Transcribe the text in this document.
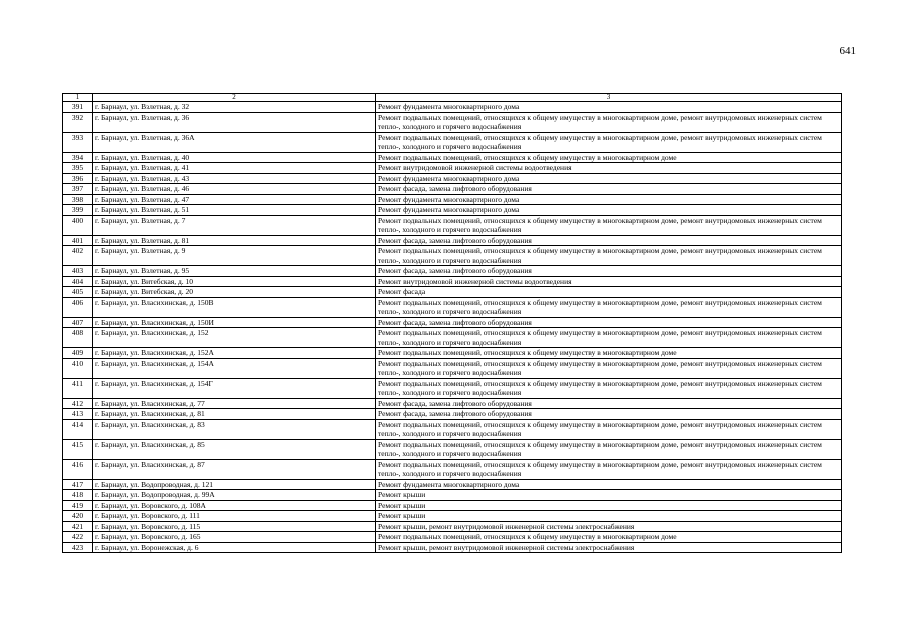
641
1	2	3
391	г. Барнаул, ул. Взлетная, д. 32	Ремонт фундамента многоквартирного дома
392	г. Барнаул, ул. Взлетная, д. 36	Ремонт подвальных помещений, относящихся к общему имуществу в многоквартирном доме, ремонт внутридомовых инженерных систем тепло-, холодного и горячего водоснабжения
393	г. Барнаул, ул. Взлетная, д. 36А	Ремонт подвальных помещений, относящихся к общему имуществу в многоквартирном доме, ремонт внутридомовых инженерных систем тепло-, холодного и горячего водоснабжения
394	г. Барнаул, ул. Взлетная, д. 40	Ремонт подвальных помещений, относящихся к общему имуществу в многоквартирном доме
395	г. Барнаул, ул. Взлетная, д. 41	Ремонт внутридомовой инженерной системы водоотведения
396	г. Барнаул, ул. Взлетная, д. 43	Ремонт фундамента многоквартирного дома
397	г. Барнаул, ул. Взлетная, д. 46	Ремонт фасада, замена лифтового оборудования
398	г. Барнаул, ул. Взлетная, д. 47	Ремонт фундамента многоквартирного дома
399	г. Барнаул, ул. Взлетная, д. 51	Ремонт фундамента многоквартирного дома
400	г. Барнаул, ул. Взлетная, д. 7	Ремонт подвальных помещений, относящихся к общему имуществу в многоквартирном доме, ремонт внутридомовых инженерных систем тепло-, холодного и горячего водоснабжения
401	г. Барнаул, ул. Взлетная, д. 81	Ремонт фасада, замена лифтового оборудования
402	г. Барнаул, ул. Взлетная, д. 9	Ремонт подвальных помещений, относящихся к общему имуществу в многоквартирном доме, ремонт внутридомовых инженерных систем тепло-, холодного и горячего водоснабжения
403	г. Барнаул, ул. Взлетная, д. 95	Ремонт фасада, замена лифтового оборудования
404	г. Барнаул, ул. Витебская, д. 10	Ремонт внутридомовой инженерной системы водоотведения
405	г. Барнаул, ул. Витебская, д. 20	Ремонт фасада
406	г. Барнаул, ул. Власихинская, д. 150В	Ремонт подвальных помещений, относящихся к общему имуществу в многоквартирном доме, ремонт внутридомовых инженерных систем тепло-, холодного и горячего водоснабжения
407	г. Барнаул, ул. Власихинская, д. 150И	Ремонт фасада, замена лифтового оборудования
408	г. Барнаул, ул. Власихинская, д. 152	Ремонт подвальных помещений, относящихся к общему имуществу в многоквартирном доме, ремонт внутридомовых инженерных систем тепло-, холодного и горячего водоснабжения
409	г. Барнаул, ул. Власихинская, д. 152А	Ремонт подвальных помещений, относящихся к общему имуществу в многоквартирном доме
410	г. Барнаул, ул. Власихинская, д. 154А	Ремонт подвальных помещений, относящихся к общему имуществу в многоквартирном доме, ремонт внутридомовых инженерных систем тепло-, холодного и горячего водоснабжения
411	г. Барнаул, ул. Власихинская, д. 154Г	Ремонт подвальных помещений, относящихся к общему имуществу в многоквартирном доме, ремонт внутридомовых инженерных систем тепло-, холодного и горячего водоснабжения
412	г. Барнаул, ул. Власихинская, д. 77	Ремонт фасада, замена лифтового оборудования
413	г. Барнаул, ул. Власихинская, д. 81	Ремонт фасада, замена лифтового оборудования
414	г. Барнаул, ул. Власихинская, д. 83	Ремонт подвальных помещений, относящихся к общему имуществу в многоквартирном доме, ремонт внутридомовых инженерных систем тепло-, холодного и горячего водоснабжения
415	г. Барнаул, ул. Власихинская, д. 85	Ремонт подвальных помещений, относящихся к общему имуществу в многоквартирном доме, ремонт внутридомовых инженерных систем тепло-, холодного и горячего водоснабжения
416	г. Барнаул, ул. Власихинская, д. 87	Ремонт подвальных помещений, относящихся к общему имуществу в многоквартирном доме, ремонт внутридомовых инженерных систем тепло-, холодного и горячего водоснабжения
417	г. Барнаул, ул. Водопроводная, д. 121	Ремонт фундамента многоквартирного дома
418	г. Барнаул, ул. Водопроводная, д. 99А	Ремонт крыши
419	г. Барнаул, ул. Воровского, д. 108А	Ремонт крыши
420	г. Барнаул, ул. Воровского, д. 111	Ремонт крыши
421	г. Барнаул, ул. Воровского, д. 115	Ремонт крыши, ремонт внутридомовой инженерной системы электроснабжения
422	г. Барнаул, ул. Воровского, д. 165	Ремонт подвальных помещений, относящихся к общему имуществу в многоквартирном доме
423	г. Барнаул, ул. Воронежская, д. 6	Ремонт крыши, ремонт внутридомовой инженерной системы электроснабжения
